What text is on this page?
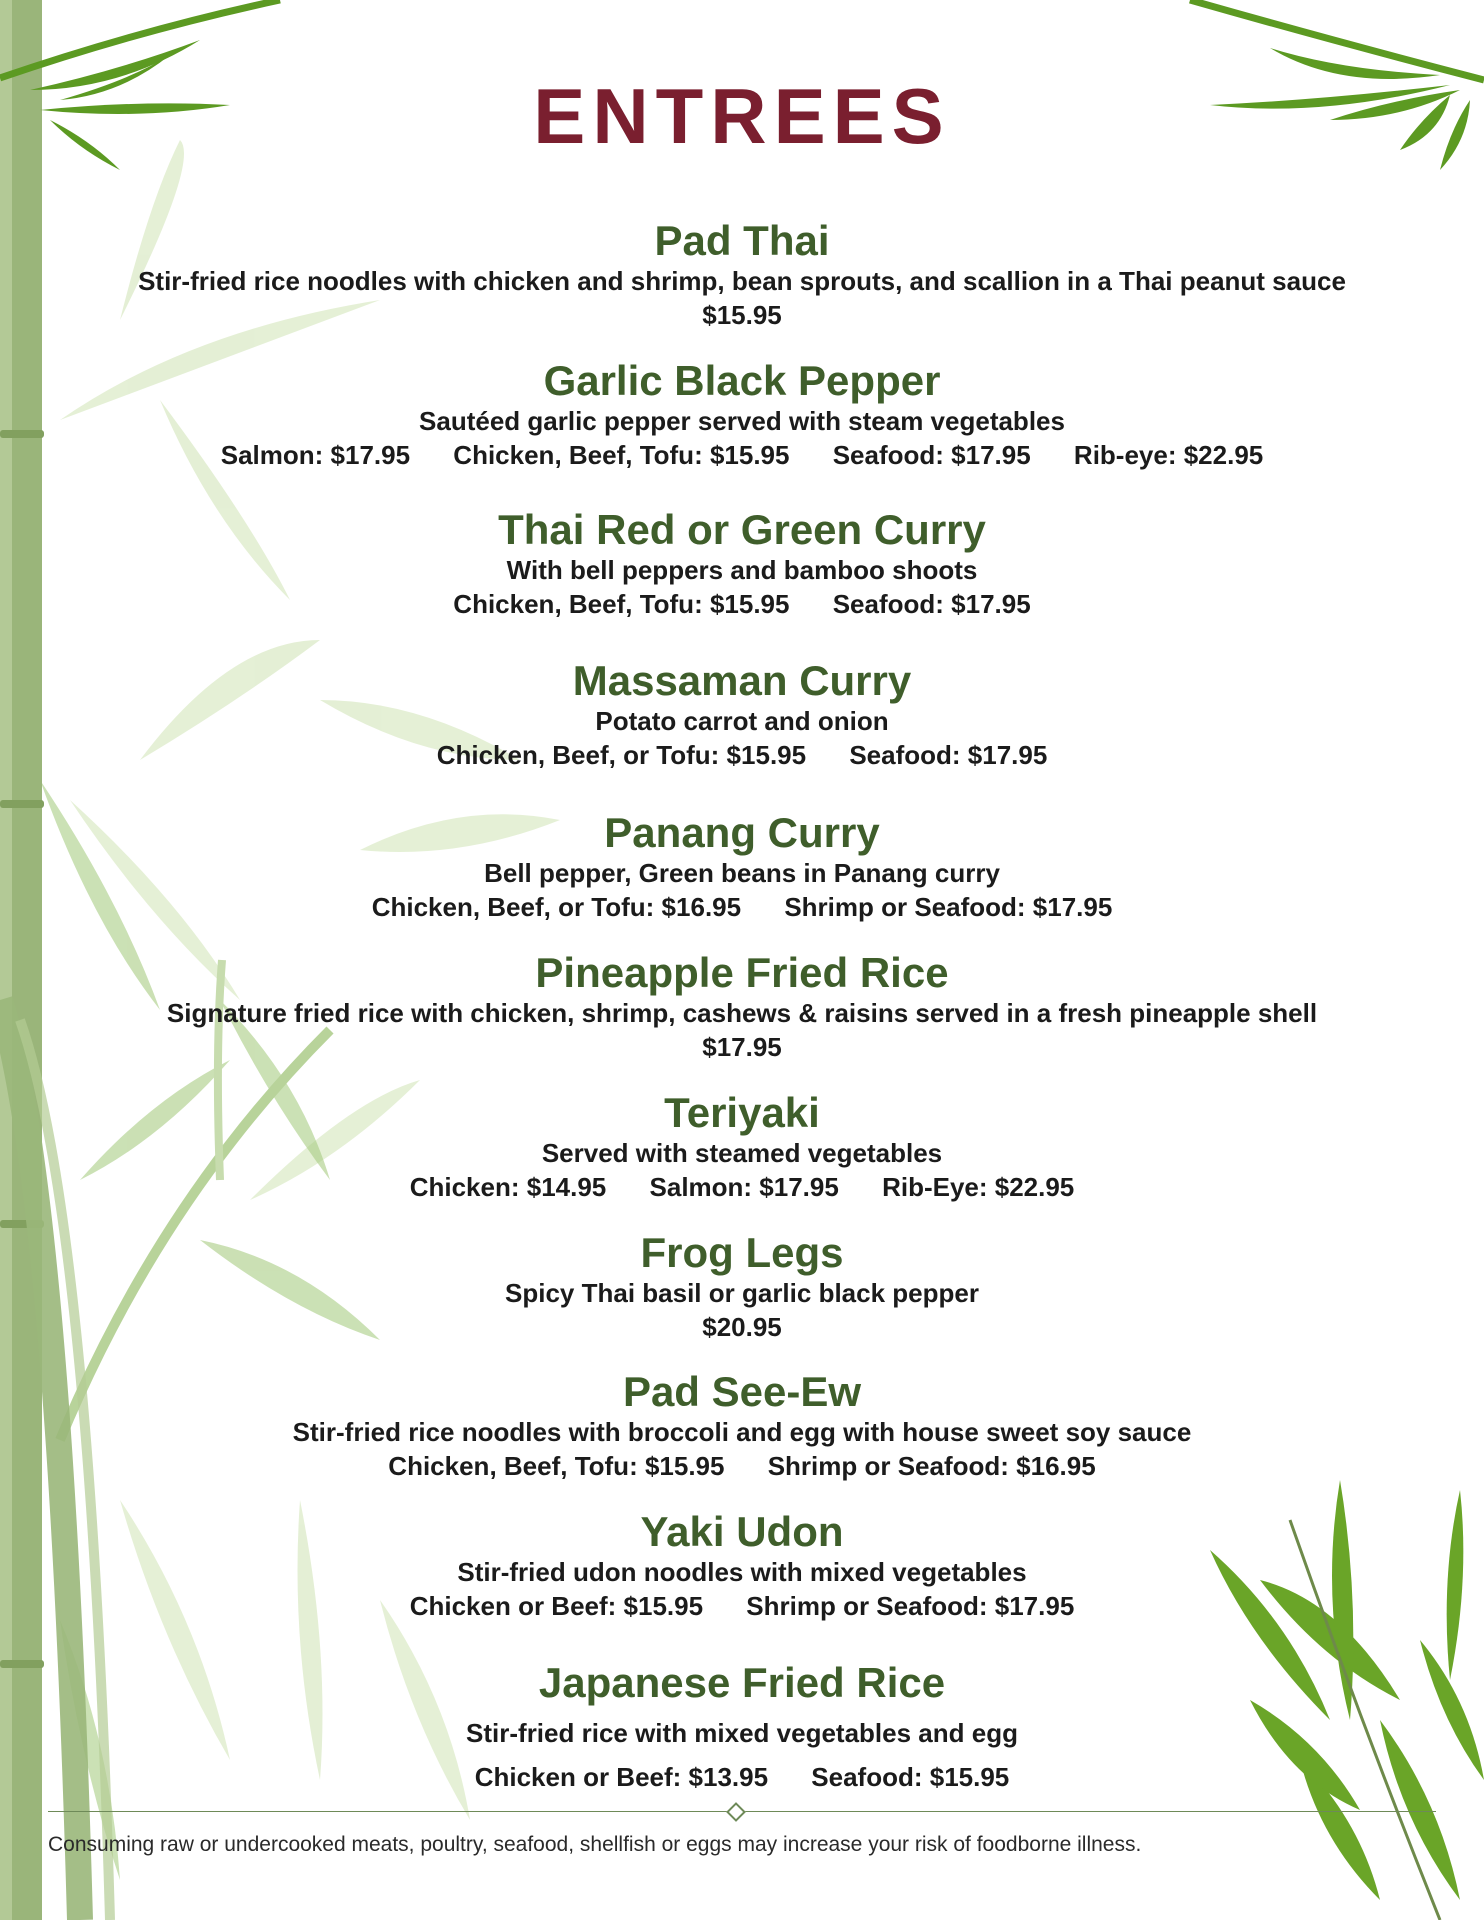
ENTREES
Pad Thai
Stir-fried rice noodles with chicken and shrimp, bean sprouts, and scallion in a Thai peanut sauce
$15.95
Garlic Black Pepper
Sautéed garlic pepper served with steam vegetables
Salmon: $17.95 Chicken, Beef, Tofu: $15.95 Seafood: $17.95 Rib-eye: $22.95
Thai Red or Green Curry
With bell peppers and bamboo shoots
Chicken, Beef, Tofu: $15.95 Seafood: $17.95
Massaman Curry
Potato carrot and onion
Chicken, Beef, or Tofu: $15.95 Seafood: $17.95
Panang Curry
Bell pepper, Green beans in Panang curry
Chicken, Beef, or Tofu: $16.95 Shrimp or Seafood: $17.95
Pineapple Fried Rice
Signature fried rice with chicken, shrimp, cashews & raisins served in a fresh pineapple shell
$17.95
Teriyaki
Served with steamed vegetables
Chicken: $14.95 Salmon: $17.95 Rib-Eye: $22.95
Frog Legs
Spicy Thai basil or garlic black pepper
$20.95
Pad See-Ew
Stir-fried rice noodles with broccoli and egg with house sweet soy sauce
Chicken, Beef, Tofu: $15.95 Shrimp or Seafood: $16.95
Yaki Udon
Stir-fried udon noodles with mixed vegetables
Chicken or Beef: $15.95 Shrimp or Seafood: $17.95
Japanese Fried Rice
Stir-fried rice with mixed vegetables and egg
Chicken or Beef: $13.95 Seafood: $15.95
Consuming raw or undercooked meats, poultry, seafood, shellfish or eggs may increase your risk of foodborne illness.
